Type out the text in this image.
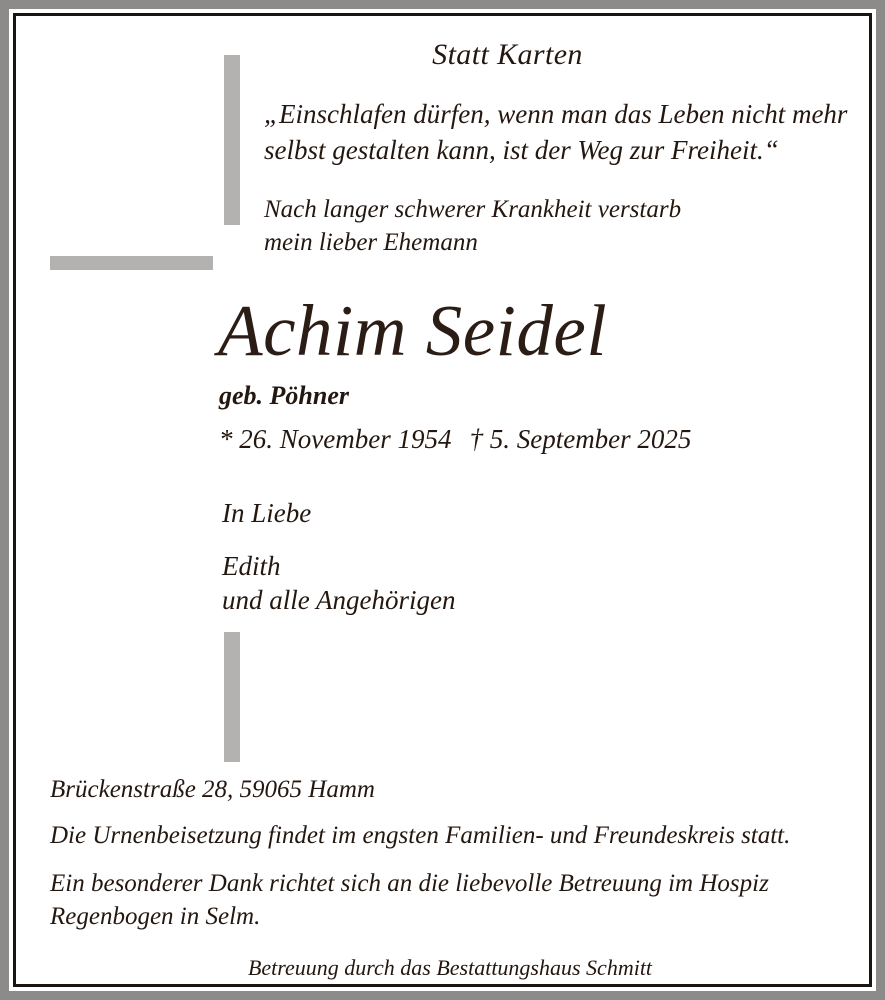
Statt Karten
„Einschlafen dürfen, wenn man das Leben nicht mehr selbst gestalten kann, ist der Weg zur Freiheit.“
Nach langer schwerer Krankheit verstarb
mein lieber Ehemann
Achim Seidel
geb. Pöhner
* 26. November 1954 † 5. September 2025
In Liebe
Edith
und alle Angehörigen
Brückenstraße 28, 59065 Hamm
Die Urnenbeisetzung findet im engsten Familien- und Freundeskreis statt.
Ein besonderer Dank richtet sich an die liebevolle Betreuung im Hospiz Regenbogen in Selm.
Betreuung durch das Bestattungshaus Schmitt
